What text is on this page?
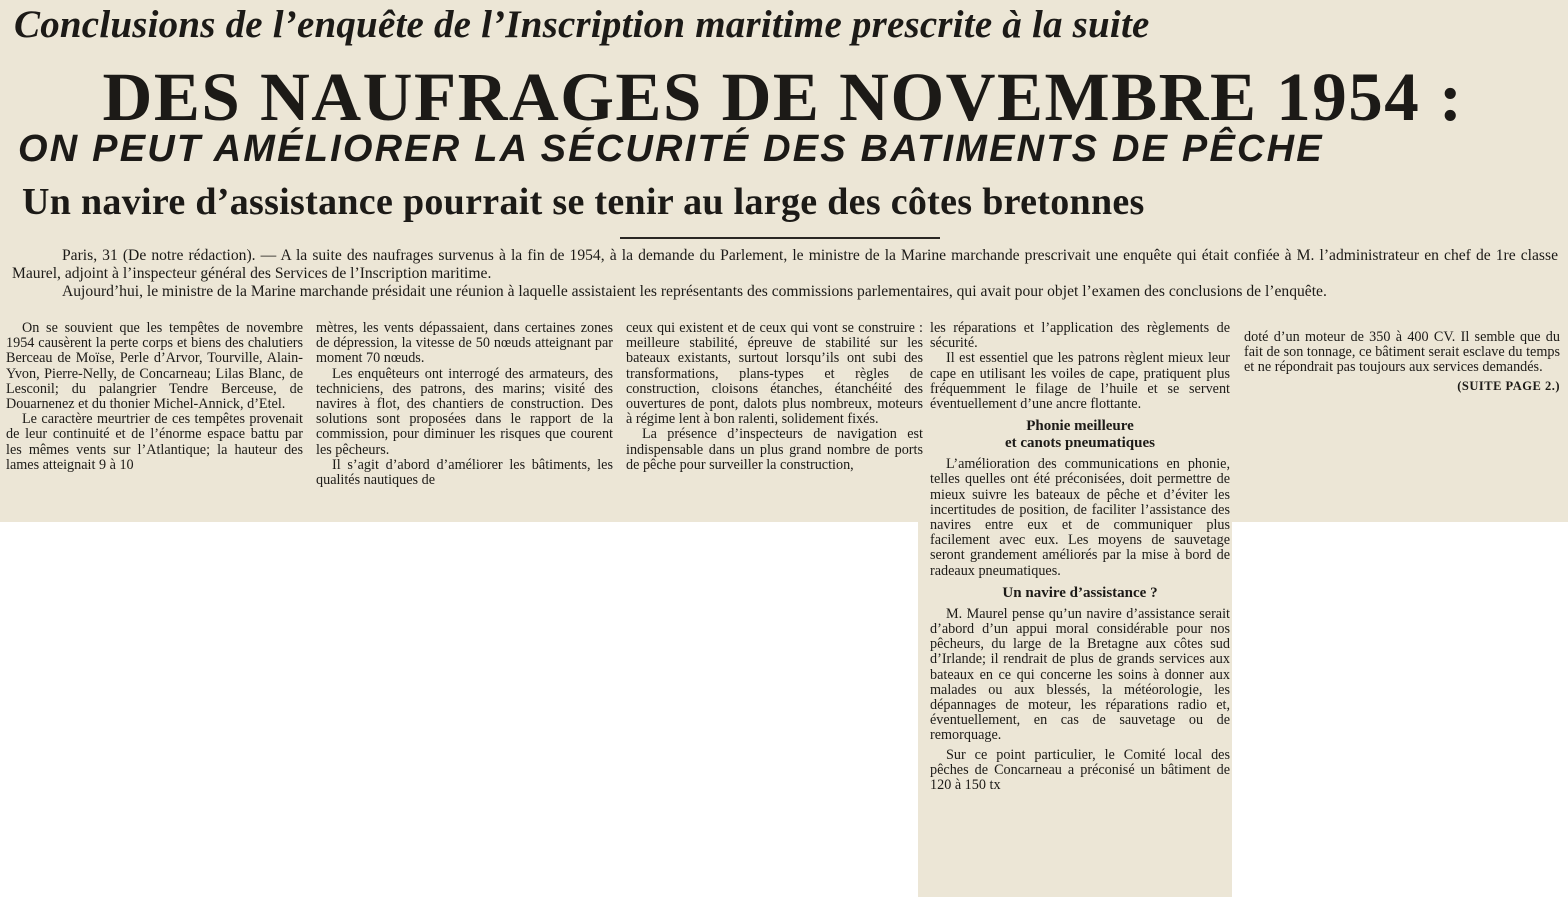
Conclusions de l’enquête de l’Inscription maritime prescrite à la suite
DES NAUFRAGES DE NOVEMBRE 1954 :
ON PEUT AMÉLIORER LA SÉCURITÉ DES BATIMENTS DE PÊCHE
Un navire d’assistance pourrait se tenir au large des côtes bretonnes

Paris, 31 (De notre rédaction). — A la suite des naufrages survenus à la fin de 1954, à la demande du Parlement, le ministre de la Marine marchande prescrivait une enquête qui était confiée à M. l’administrateur en chef de 1re classe Maurel, adjoint à l’inspecteur général des Services de l’Inscription maritime.

Aujourd’hui, le ministre de la Marine marchande présidait une réunion à laquelle assistaient les représentants des commissions parlementaires, qui avait pour objet l’examen des conclusions de l’enquête.

On se souvient que les tempêtes de novembre 1954 causèrent la perte corps et biens des chalutiers Berceau de Moïse, Perle d’Arvor, Tourville, Alain-Yvon, Pierre-Nelly, de Concarneau; Lilas Blanc, de Lesconil; du palangrier Tendre Berceuse, de Douarnenez et du thonier Michel-Annick, d’Etel.

Le caractère meurtrier de ces tempêtes provenait de leur continuité et de l’énorme espace battu par les mêmes vents sur l’Atlantique; la hauteur des lames atteignait 9 à 10

mètres, les vents dépassaient, dans certaines zones de dépression, la vitesse de 50 nœuds atteignant par moment 70 nœuds.

Les enquêteurs ont interrogé des armateurs, des techniciens, des patrons, des marins; visité des navires à flot, des chantiers de construction. Des solutions sont proposées dans le rapport de la commission, pour diminuer les risques que courent les pêcheurs.

Il s’agit d’abord d’améliorer les bâtiments, les qualités nautiques de

ceux qui existent et de ceux qui vont se construire : meilleure stabilité, épreuve de stabilité sur les bateaux existants, surtout lorsqu’ils ont subi des transformations, plans-types et règles de construction, cloisons étanches, étanchéité des ouvertures de pont, dalots plus nombreux, moteurs à régime lent à bon ralenti, solidement fixés.

La présence d’inspecteurs de navigation est indispensable dans un plus grand nombre de ports de pêche pour surveiller la construction,

les réparations et l’application des règlements de sécurité.

Il est essentiel que les patrons règlent mieux leur cape en utilisant les voiles de cape, pratiquent plus fréquemment le filage de l’huile et se servent éventuellement d’une ancre flottante.

Phonie meilleure
et canots pneumatiques

L’amélioration des communications en phonie, telles quelles ont été préconisées, doit permettre de mieux suivre les bateaux de pêche et d’éviter les incertitudes de position, de faciliter l’assistance des navires entre eux et de communiquer plus facilement avec eux. Les moyens de sauvetage seront grandement améliorés par la mise à bord de radeaux pneumatiques.

Un navire d’assistance ?

M. Maurel pense qu’un navire d’assistance serait d’abord d’un appui moral considérable pour nos pêcheurs, du large de la Bretagne aux côtes sud d’Irlande; il rendrait de plus de grands services aux bateaux en ce qui concerne les soins à donner aux malades ou aux blessés, la météorologie, les dépannages de moteur, les réparations radio et, éventuellement, en cas de sauvetage ou de remorquage.

Sur ce point particulier, le Comité local des pêches de Concarneau a préconisé un bâtiment de 120 à 150 tx

doté d’un moteur de 350 à 400 CV. Il semble que du fait de son tonnage, ce bâtiment serait esclave du temps et ne répondrait pas toujours aux services demandés.

(SUITE PAGE 2.)
